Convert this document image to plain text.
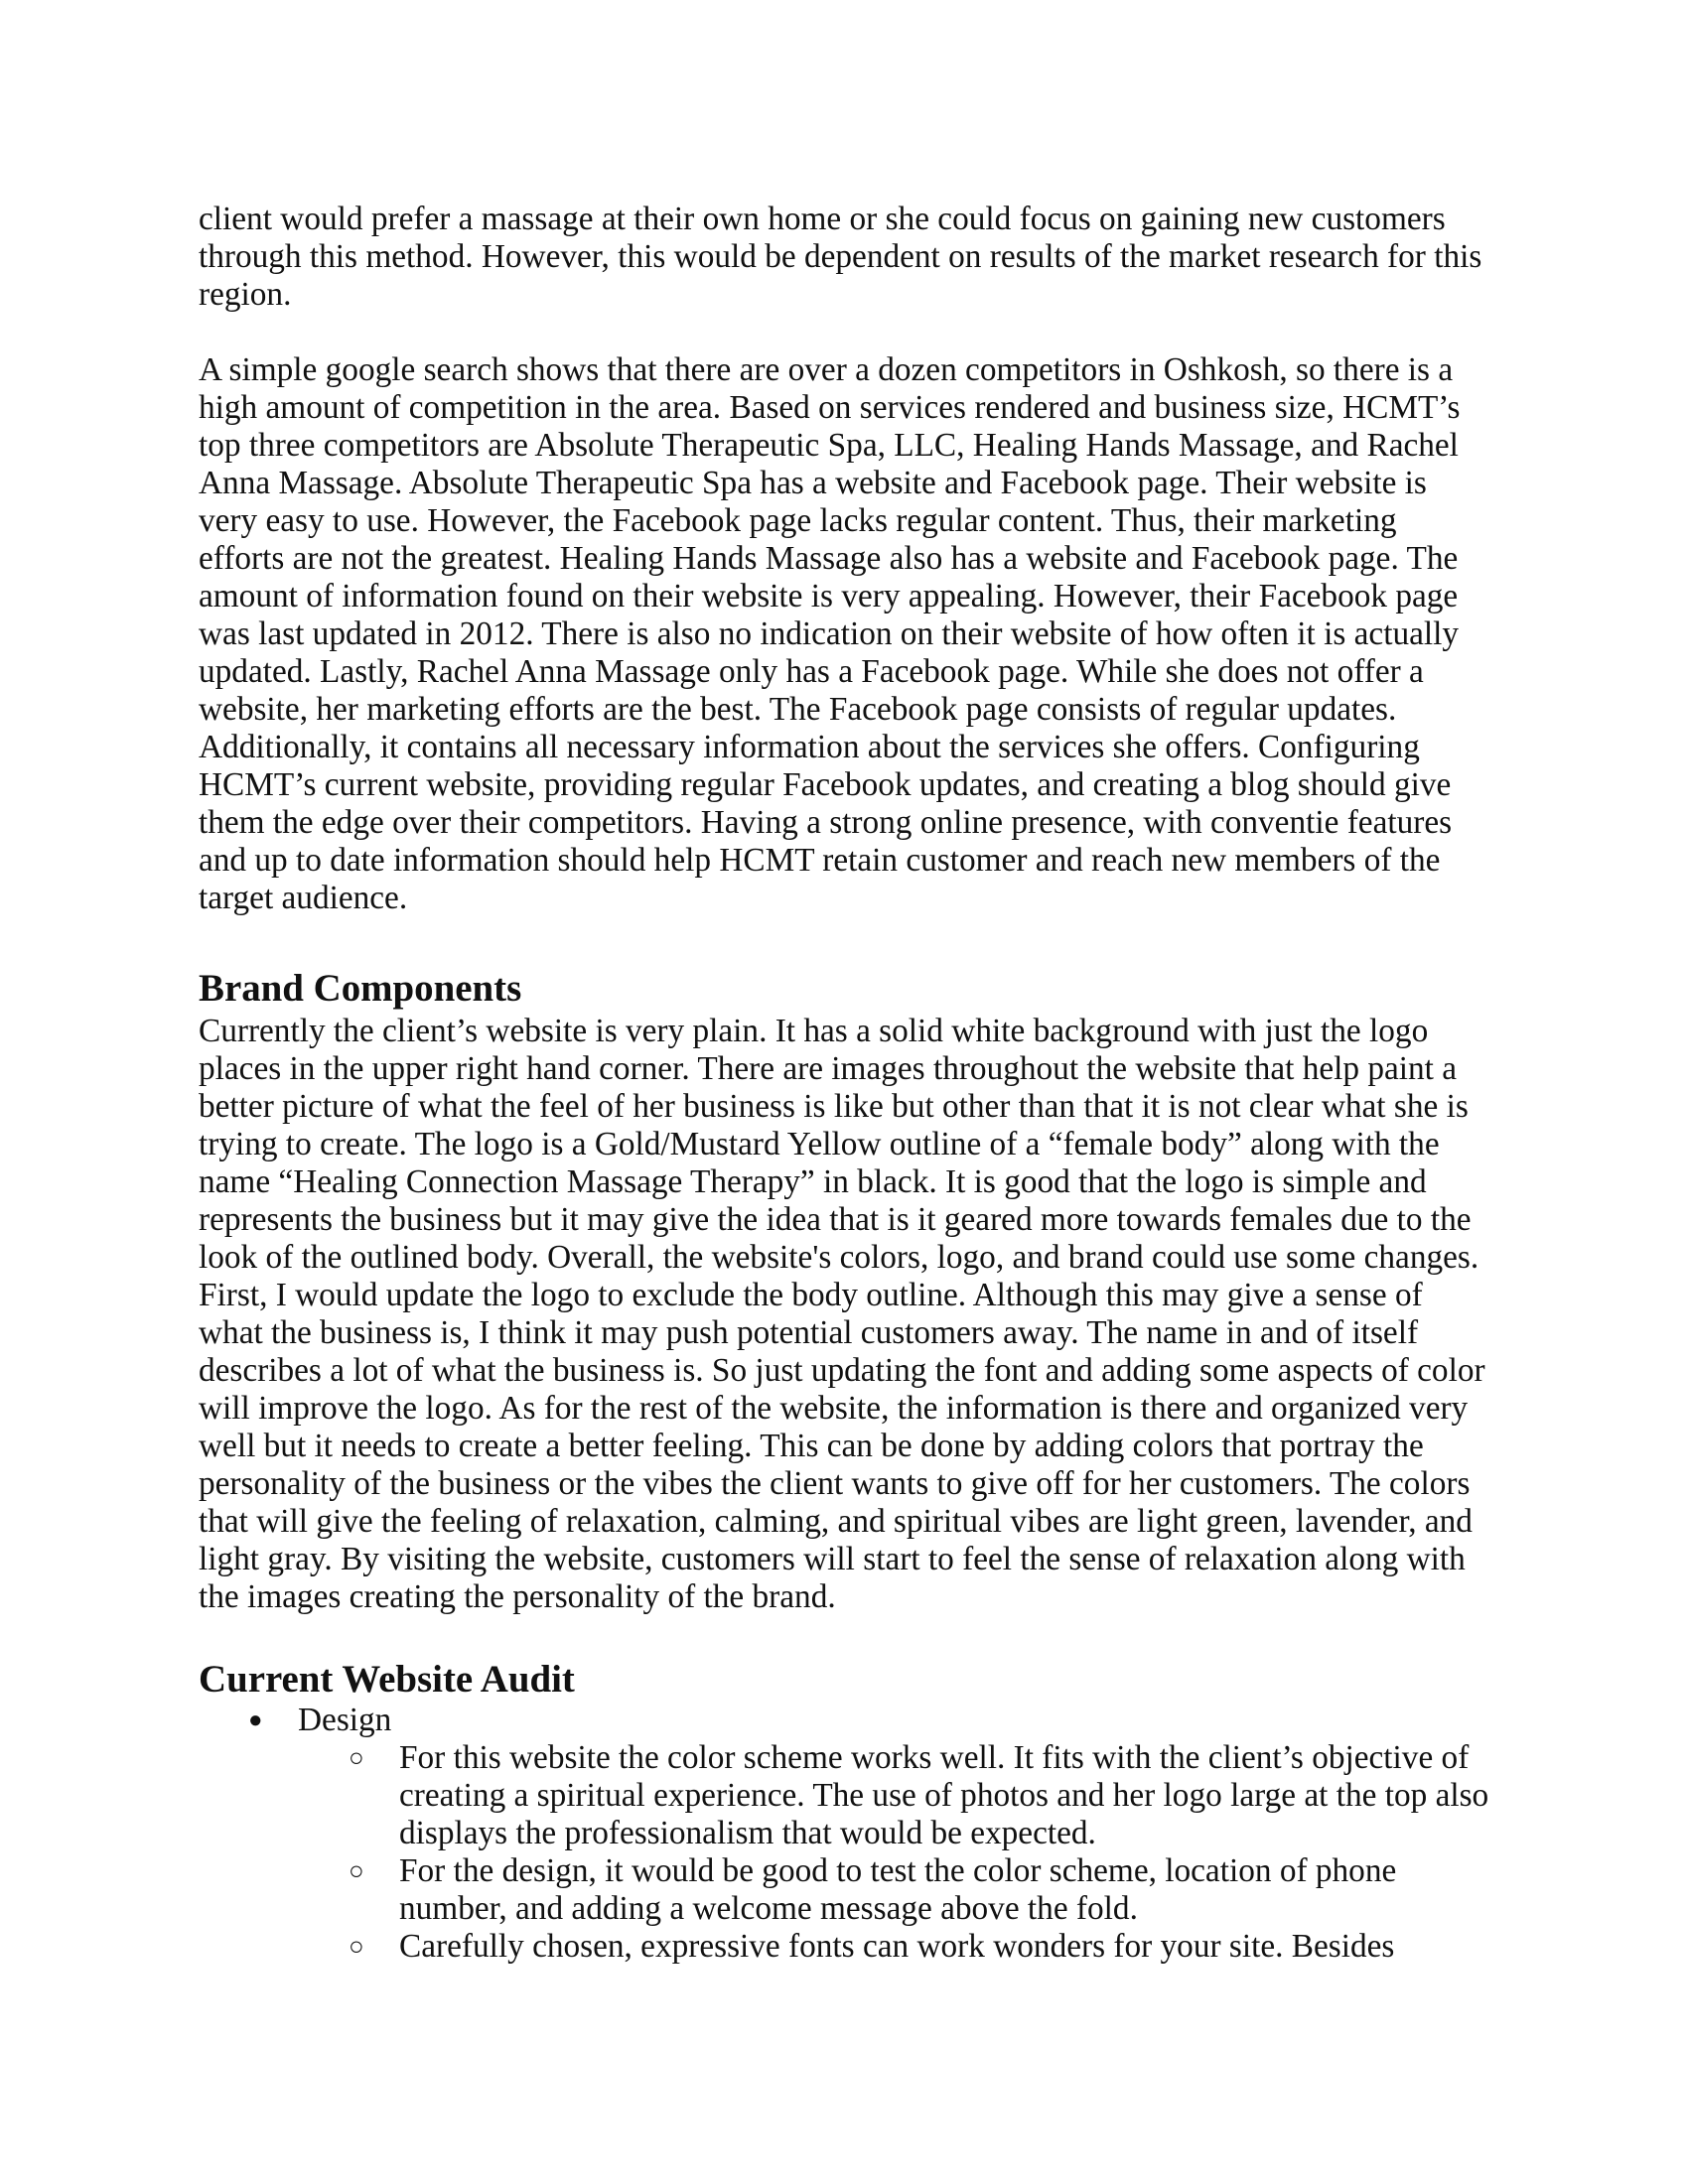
client would prefer a massage at their own home or she could focus on gaining new customers
through this method. However, this would be dependent on results of the market research for this
region.
A simple google search shows that there are over a dozen competitors in Oshkosh, so there is a
high amount of competition in the area. Based on services rendered and business size, HCMT’s
top three competitors are Absolute Therapeutic Spa, LLC, Healing Hands Massage, and Rachel
Anna Massage. Absolute Therapeutic Spa has a website and Facebook page. Their website is
very easy to use. However, the Facebook page lacks regular content. Thus, their marketing
efforts are not the greatest. Healing Hands Massage also has a website and Facebook page. The
amount of information found on their website is very appealing. However, their Facebook page
was last updated in 2012. There is also no indication on their website of how often it is actually
updated. Lastly, Rachel Anna Massage only has a Facebook page. While she does not offer a
website, her marketing efforts are the best. The Facebook page consists of regular updates.
Additionally, it contains all necessary information about the services she offers. Configuring
HCMT’s current website, providing regular Facebook updates, and creating a blog should give
them the edge over their competitors. Having a strong online presence, with conventie features
and up to date information should help HCMT retain customer and reach new members of the
target audience.
Brand Components
Currently the client’s website is very plain. It has a solid white background with just the logo
places in the upper right hand corner. There are images throughout the website that help paint a
better picture of what the feel of her business is like but other than that it is not clear what she is
trying to create. The logo is a Gold/Mustard Yellow outline of a “female body” along with the
name “Healing Connection Massage Therapy” in black. It is good that the logo is simple and
represents the business but it may give the idea that is it geared more towards females due to the
look of the outlined body. Overall, the website's colors, logo, and brand could use some changes.
First, I would update the logo to exclude the body outline. Although this may give a sense of
what the business is, I think it may push potential customers away. The name in and of itself
describes a lot of what the business is. So just updating the font and adding some aspects of color
will improve the logo. As for the rest of the website, the information is there and organized very
well but it needs to create a better feeling. This can be done by adding colors that portray the
personality of the business or the vibes the client wants to give off for her customers. The colors
that will give the feeling of relaxation, calming, and spiritual vibes are light green, lavender, and
light gray. By visiting the website, customers will start to feel the sense of relaxation along with
the images creating the personality of the brand.
Current Website Audit
● Design
○ For this website the color scheme works well. It fits with the client’s objective of
creating a spiritual experience. The use of photos and her logo large at the top also
displays the professionalism that would be expected.
○ For the design, it would be good to test the color scheme, location of phone
number, and adding a welcome message above the fold.
○ Carefully chosen, expressive fonts can work wonders for your site. Besides
